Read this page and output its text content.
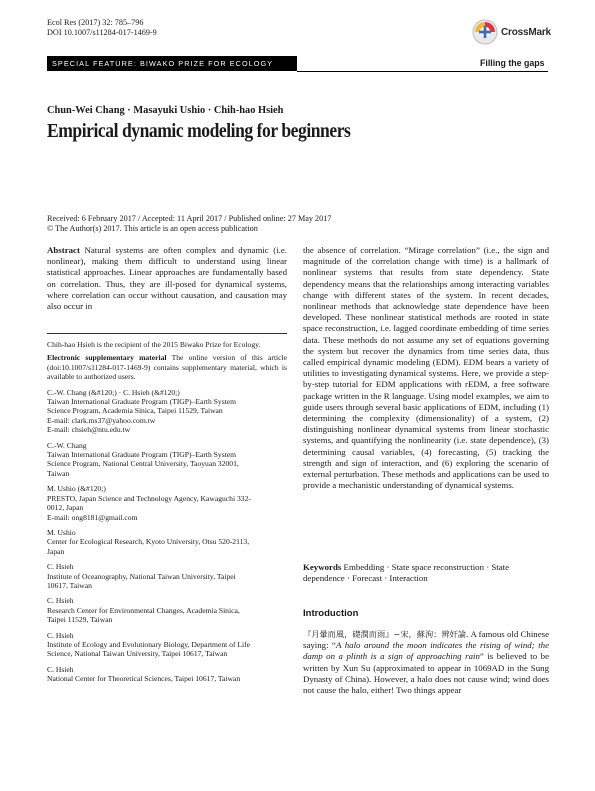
Ecol Res (2017) 32: 785–796
DOI 10.1007/s11284-017-1469-9	CrossMark
SPECIAL FEATURE: BIWAKO PRIZE FOR ECOLOGY	Filling the gaps
Chun-Wei Chang · Masayuki Ushio · Chih-hao Hsieh
Empirical dynamic modeling for beginners
Received: 6 February 2017 / Accepted: 11 April 2017 / Published online: 27 May 2017
© The Author(s) 2017. This article is an open access publication
Abstract Natural systems are often complex and dynamic (i.e. nonlinear), making them difficult to understand using linear statistical approaches. Linear approaches are fundamentally based on correlation. Thus, they are ill-posed for dynamical systems, where correlation can occur without causation, and causation may also occur in
the absence of correlation. “Mirage correlation” (i.e., the sign and magnitude of the correlation change with time) is a hallmark of nonlinear systems that results from state dependency. State dependency means that the relationships among interacting variables change with different states of the system. In recent decades, nonlinear methods that acknowledge state dependence have been developed. These nonlinear statistical methods are rooted in state space reconstruction, i.e. lagged coordinate embedding of time series data. These methods do not assume any set of equations governing the system but recover the dynamics from time series data, thus called empirical dynamic modeling (EDM). EDM bears a variety of utilities to investigating dynamical systems. Here, we provide a step-by-step tutorial for EDM applications with rEDM, a free software package written in the R language. Using model examples, we aim to guide users through several basic applications of EDM, including (1) determining the complexity (dimensionality) of a system, (2) distinguishing nonlinear dynamical systems from linear stochastic systems, and quantifying the nonlinearity (i.e. state dependence), (3) determining causal variables, (4) forecasting, (5) tracking the strength and sign of interaction, and (6) exploring the scenario of external perturbation. These methods and applications can be used to provide a mechanistic understanding of dynamical systems.
Chih-hao Hsieh is the recipient of the 2015 Biwako Prize for Ecology.
Electronic supplementary material The online version of this article (doi:10.1007/s11284-017-1469-9) contains supplementary material, which is available to authorized users.
C.-W. Chang (&#120;) · C. Hsieh (&#120;)
Taiwan International Graduate Program (TIGP)–Earth System
Science Program, Academia Sinica, Taipei 11529, Taiwan
E-mail: clark.ms37@yahoo.com.tw
E-mail: chsieh@ntu.edu.tw
C.-W. Chang
Taiwan International Graduate Program (TIGP)–Earth System
Science Program, National Central University, Taoyuan 32001,
Taiwan
M. Ushio (&#120;)
PRESTO, Japan Science and Technology Agency, Kawaguchi 332-
0012, Japan
E-mail: ong8181@gmail.com
M. Ushio
Center for Ecological Research, Kyoto University, Otsu 520-2113,
Japan
C. Hsieh
Institute of Oceanography, National Taiwan University, Taipei
10617, Taiwan
C. Hsieh
Research Center for Environmental Changes, Academia Sinica,
Taipei 11529, Taiwan
C. Hsieh
Institute of Ecology and Evolutionary Biology, Department of Life
Science, National Taiwan University, Taipei 10617, Taiwan
C. Hsieh
National Center for Theoretical Sciences, Taipei 10617, Taiwan
Keywords Embedding · State space reconstruction · State dependence · Forecast · Interaction
Introduction
『月暈而風，礎潤而雨』~宋，蘇洵：辨奸論. A famous old Chinese saying: “A halo around the moon indicates the rising of wind; the damp on a plinth is a sign of approaching rain” is believed to be written by Xun Su (approximated to appear in 1069AD in the Sung Dynasty of China). However, a halo does not cause wind; wind does not cause the halo, either! Two things appear
